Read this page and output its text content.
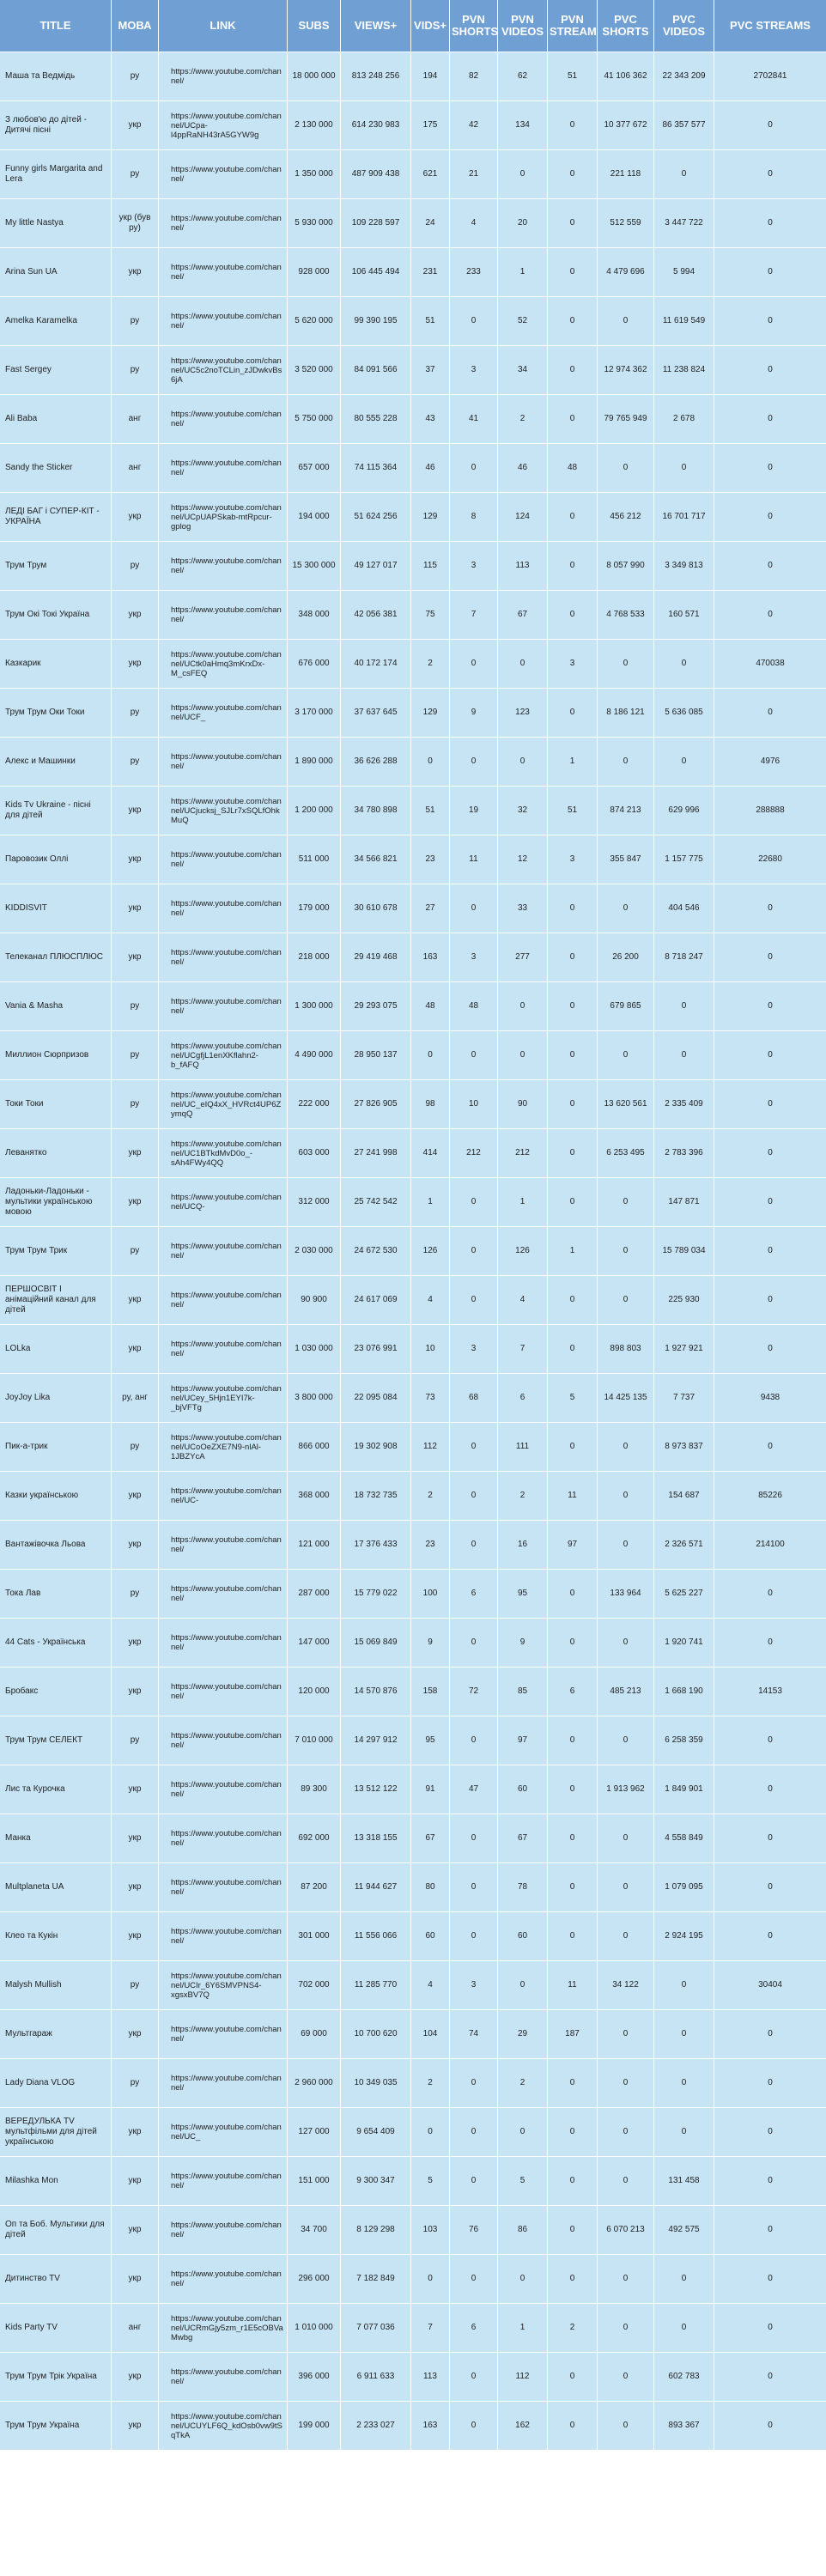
TITLE	МОВА	LINK	SUBS	VIEWS+	VIDS+	PVN SHORTS	PVN VIDEOS	PVN STREAM	PVC SHORTS	PVC VIDEOS	PVC STREAMS
Маша та Ведмідь	ру	https://www.youtube.com/channel/	18 000 000	813 248 256	194	82	62	51	41 106 362	22 343 209	2702841
З любов'ю до дітей - Дитячі пісні	укр	https://www.youtube.com/channel/UCpa-l4ppRaNH43rA5GYW9g	2 130 000	614 230 983	175	42	134	0	10 377 672	86 357 577	0
Funny girls Margarita and Lera	ру	https://www.youtube.com/channel/	1 350 000	487 909 438	621	21	0	0	221 118	0	0
My little Nastya	укр (був ру)	https://www.youtube.com/channel/	5 930 000	109 228 597	24	4	20	0	512 559	3 447 722	0
Arina Sun UA	укр	https://www.youtube.com/channel/	928 000	106 445 494	231	233	1	0	4 479 696	5 994	0
Amelka Karamelka	ру	https://www.youtube.com/channel/	5 620 000	99 390 195	51	0	52	0	0	11 619 549	0
Fast Sergey	ру	https://www.youtube.com/channel/UC5c2noTCLin_zJDwkvBs6jA	3 520 000	84 091 566	37	3	34	0	12 974 362	11 238 824	0
Ali Baba	анг	https://www.youtube.com/channel/	5 750 000	80 555 228	43	41	2	0	79 765 949	2 678	0
Sandy the Sticker	анг	https://www.youtube.com/channel/	657 000	74 115 364	46	0	46	48	0	0	0
ЛЕДІ БАГ і СУПЕР-КІТ - УКРАЇНА	укр	https://www.youtube.com/channel/UCpUAPSkab-mtRpcur-gplog	194 000	51 624 256	129	8	124	0	456 212	16 701 717	0
Трум Трум	ру	https://www.youtube.com/channel/	15 300 000	49 127 017	115	3	113	0	8 057 990	3 349 813	0
Трум Окі Токі Україна	укр	https://www.youtube.com/channel/	348 000	42 056 381	75	7	67	0	4 768 533	160 571	0
Казкарик	укр	https://www.youtube.com/channel/UCtk0aHmq3mKrxDx-M_csFEQ	676 000	40 172 174	2	0	0	3	0	0	470038
Трум Трум Оки Токи	ру	https://www.youtube.com/channel/UCF_	3 170 000	37 637 645	129	9	123	0	8 186 121	5 636 085	0
Алекс и Машинки	ру	https://www.youtube.com/channel/	1 890 000	36 626 288	0	0	0	1	0	0	4976
Kids Tv Ukraine - пісні для дітей	укр	https://www.youtube.com/channel/UCjucksj_SJLr7xSQLfOhkMuQ	1 200 000	34 780 898	51	19	32	51	874 213	629 996	288888
Паровозик Оллі	укр	https://www.youtube.com/channel/	511 000	34 566 821	23	11	12	3	355 847	1 157 775	22680
KIDDISVIT	укр	https://www.youtube.com/channel/	179 000	30 610 678	27	0	33	0	0	404 546	0
Телеканал ПЛЮСПЛЮС	укр	https://www.youtube.com/channel/	218 000	29 419 468	163	3	277	0	26 200	8 718 247	0
Vania & Masha	ру	https://www.youtube.com/channel/	1 300 000	29 293 075	48	48	0	0	679 865	0	0
Миллион Сюрпризов	ру	https://www.youtube.com/channel/UCgfjL1enXKflahn2-b_fAFQ	4 490 000	28 950 137	0	0	0	0	0	0	0
Токи Токи	ру	https://www.youtube.com/channel/UC_eIQ4xX_HVRct4UP6ZymqQ	222 000	27 826 905	98	10	90	0	13 620 561	2 335 409	0
Леванятко	укр	https://www.youtube.com/channel/UC1BTkdMvD0o_-sAh4FWy4QQ	603 000	27 241 998	414	212	212	0	6 253 495	2 783 396	0
Ладоньки-Ладоньки - мультики українською мовою	укр	https://www.youtube.com/channel/UCQ-	312 000	25 742 542	1	0	1	0	0	147 871	0
Трум Трум Трик	ру	https://www.youtube.com/channel/	2 030 000	24 672 530	126	0	126	1	0	15 789 034	0
ПЕРШОСВІТ І анімаційний канал для дітей	укр	https://www.youtube.com/channel/	90 900	24 617 069	4	0	4	0	0	225 930	0
LOLka	укр	https://www.youtube.com/channel/	1 030 000	23 076 991	10	3	7	0	898 803	1 927 921	0
JoyJoy Lika	ру, анг	https://www.youtube.com/channel/UCey_5Hjn1EYI7k-_bjVFTg	3 800 000	22 095 084	73	68	6	5	14 425 135	7 737	9438
Пик-а-трик	ру	https://www.youtube.com/channel/UCoOeZXE7N9-nlAl-1JBZYcA	866 000	19 302 908	112	0	111	0	0	8 973 837	0
Казки українською	укр	https://www.youtube.com/channel/UC-	368 000	18 732 735	2	0	2	11	0	154 687	85226
Вантажівочка Льова	укр	https://www.youtube.com/channel/	121 000	17 376 433	23	0	16	97	0	2 326 571	214100
Тока Лав	ру	https://www.youtube.com/channel/	287 000	15 779 022	100	6	95	0	133 964	5 625 227	0
44 Cats - Українська	укр	https://www.youtube.com/channel/	147 000	15 069 849	9	0	9	0	0	1 920 741	0
Бробакс	укр	https://www.youtube.com/channel/	120 000	14 570 876	158	72	85	6	485 213	1 668 190	14153
Трум Трум СЕЛЕКТ	ру	https://www.youtube.com/channel/	7 010 000	14 297 912	95	0	97	0	0	6 258 359	0
Лис та Курочка	укр	https://www.youtube.com/channel/	89 300	13 512 122	91	47	60	0	1 913 962	1 849 901	0
Манка	укр	https://www.youtube.com/channel/	692 000	13 318 155	67	0	67	0	0	4 558 849	0
Multplaneta UA	укр	https://www.youtube.com/channel/	87 200	11 944 627	80	0	78	0	0	1 079 095	0
Клео та Кукін	укр	https://www.youtube.com/channel/	301 000	11 556 066	60	0	60	0	0	2 924 195	0
Malysh Mullish	ру	https://www.youtube.com/channel/UCIr_6Y6SMVPNS4-xgsxBV7Q	702 000	11 285 770	4	3	0	11	34 122	0	30404
Мультгараж	укр	https://www.youtube.com/channel/	69 000	10 700 620	104	74	29	187	0	0	0
Lady Diana VLOG	ру	https://www.youtube.com/channel/	2 960 000	10 349 035	2	0	2	0	0	0	0
ВЕРЕДУЛЬКА TV мультфільми для дітей українською	укр	https://www.youtube.com/channel/UC_	127 000	9 654 409	0	0	0	0	0	0	0
Milashka Mon	укр	https://www.youtube.com/channel/	151 000	9 300 347	5	0	5	0	0	131 458	0
Оп та Боб. Мультики для дітей	укр	https://www.youtube.com/channel/	34 700	8 129 298	103	76	86	0	6 070 213	492 575	0
Дитинство TV	укр	https://www.youtube.com/channel/	296 000	7 182 849	0	0	0	0	0	0	0
Kids Party TV	анг	https://www.youtube.com/channel/UCRmGjy5zm_r1E5cOBVaMwbg	1 010 000	7 077 036	7	6	1	2	0	0	0
Трум Трум Трік Україна	укр	https://www.youtube.com/channel/	396 000	6 911 633	113	0	112	0	0	602 783	0
Трум Трум Україна	укр	https://www.youtube.com/channel/UCUYLF6Q_kdOsb0vw9tSqTkA	199 000	2 233 027	163	0	162	0	0	893 367	0
